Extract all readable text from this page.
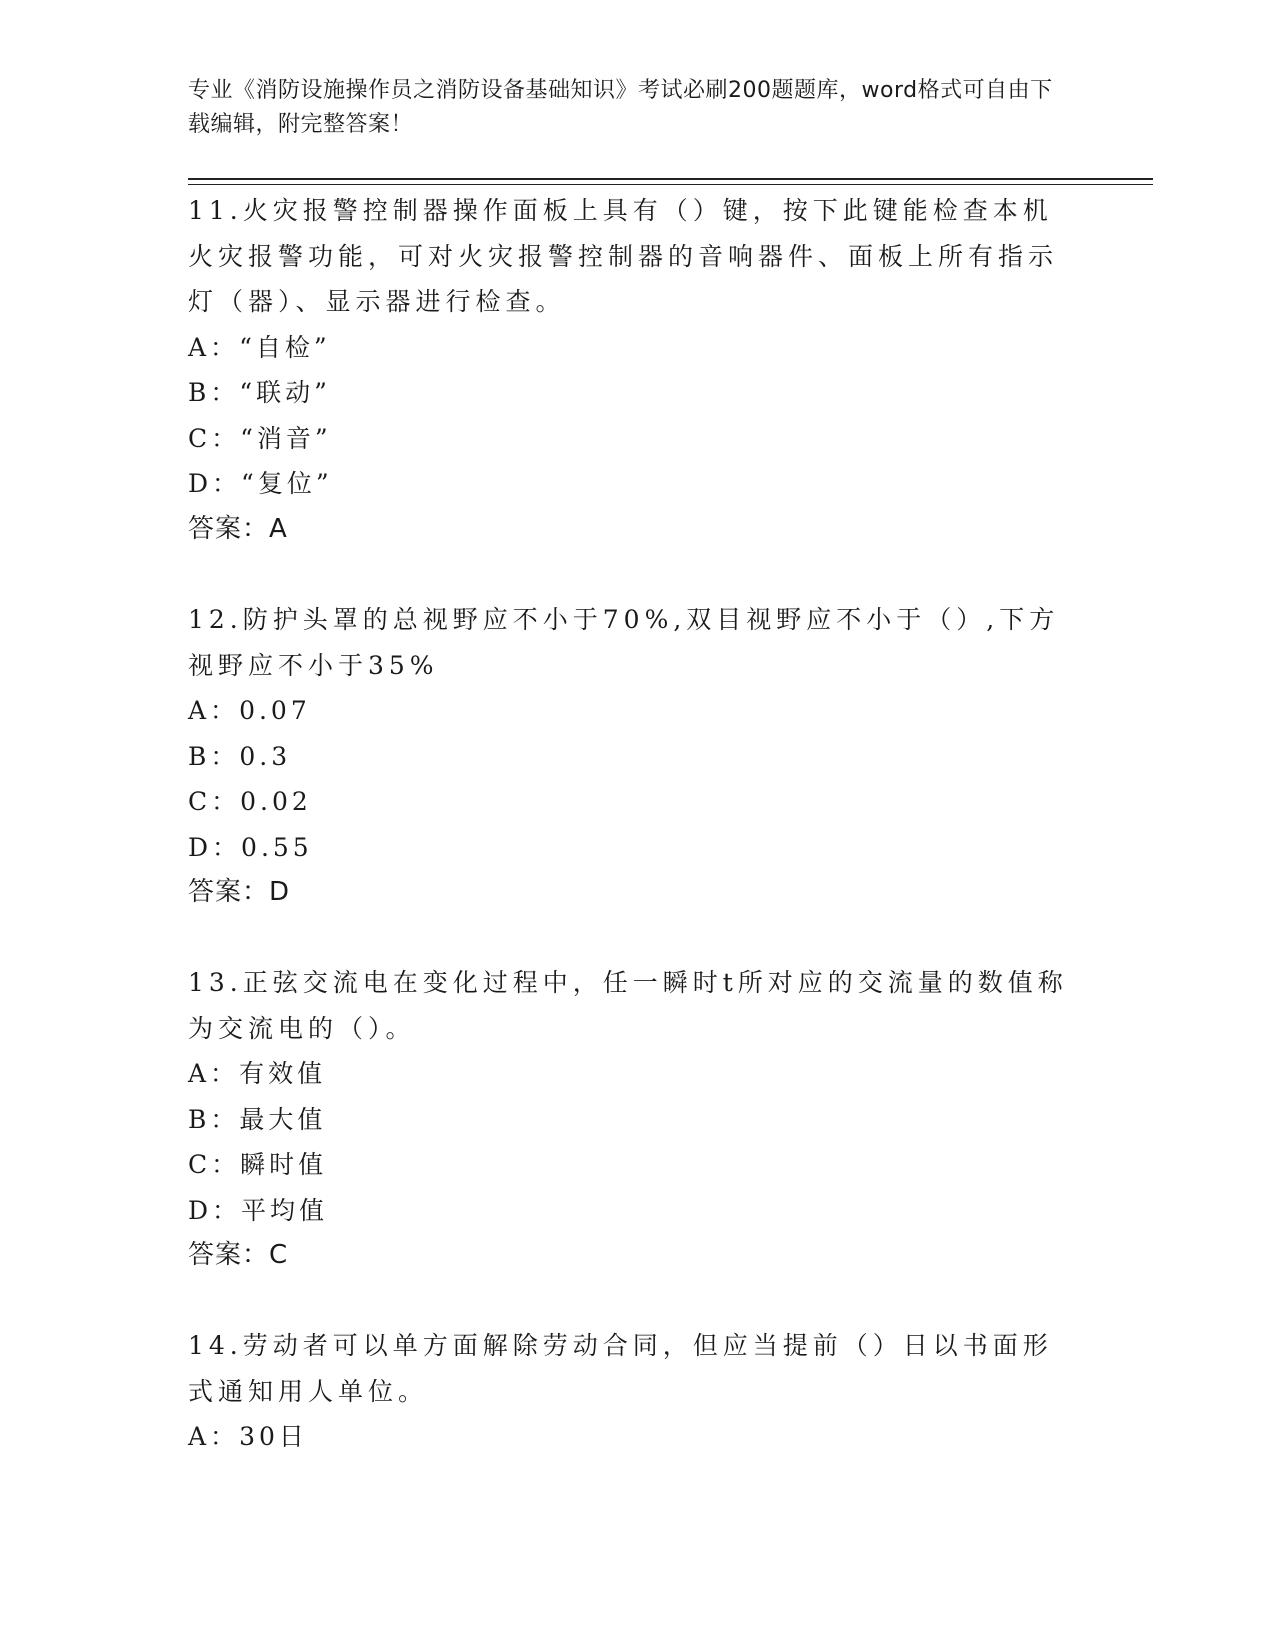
专业《消防设施操作员之消防设备基础知识》考试必刷200题题库，word格式可自由下载编辑，附完整答案！

11.火灾报警控制器操作面板上具有（）键，按下此键能检查本机火灾报警功能，可对火灾报警控制器的音响器件、面板上所有指示灯（器）、显示器进行检查。

A：“自检”

B：“联动”

C：“消音”

D：“复位”

答案：A

12.防护头罩的总视野应不小于70%,双目视野应不小于（）,下方视野应不小于35%

A：0.07

B：0.3

C：0.02

D：0.55

答案：D

13.正弦交流电在变化过程中，任一瞬时t所对应的交流量的数值称为交流电的（）。

A：有效值

B：最大值

C：瞬时值

D：平均值

答案：C

14.劳动者可以单方面解除劳动合同，但应当提前（）日以书面形式通知用人单位。

A：30日
